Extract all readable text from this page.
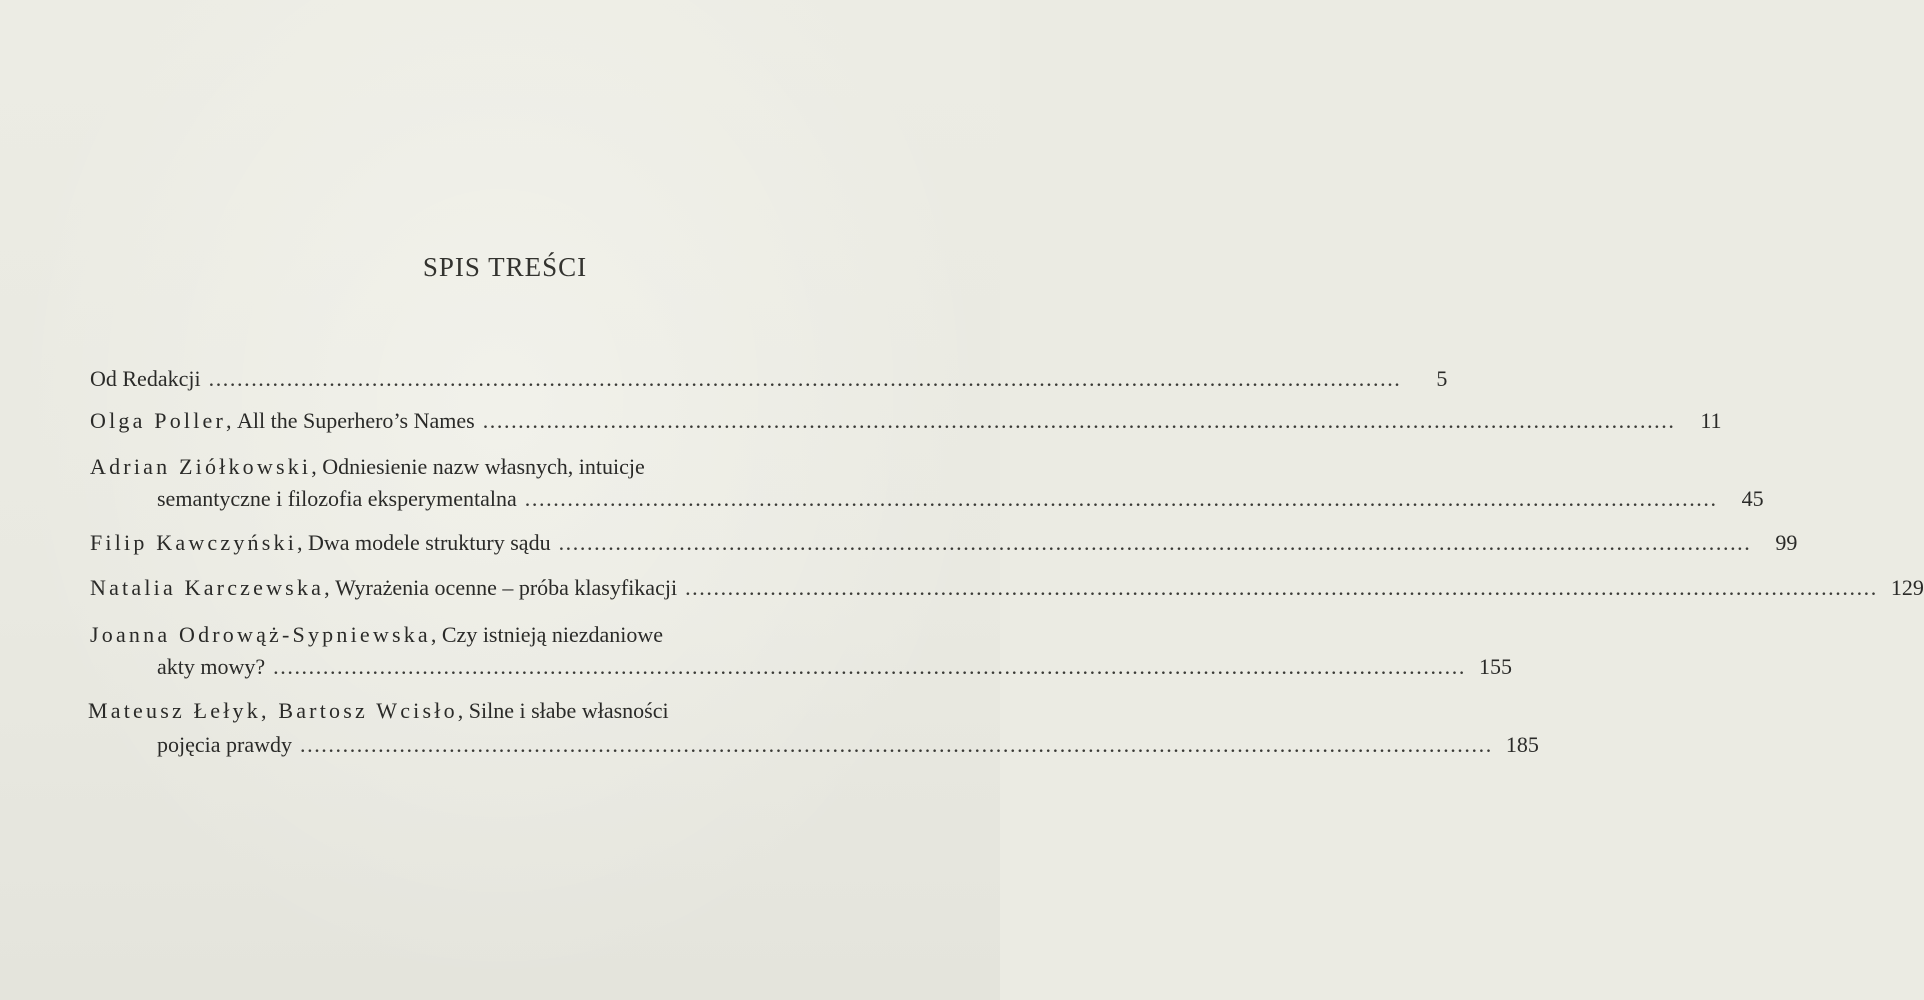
SPIS TREŚCI
Od Redakcji ........................................................................................................................................................................	5
Olga Poller ,
All the Superhero’s Names ........................................................................................................................................................................	11
Adrian Ziółkowski ,
Odniesienie nazw własnych, intuicje
semantyczne i filozofia eksperymentalna ........................................................................................................................................................................	45
Filip Kawczyński ,
Dwa modele struktury sądu ........................................................................................................................................................................	99
Natalia Karczewska ,
Wyrażenia ocenne – próba klasyfikacji ........................................................................................................................................................................ 129
Joanna Odrowąż-Sypniewska ,
Czy istnieją niezdaniowe
akty mowy? ........................................................................................................................................................................ 155
Mateusz Łełyk, Bartosz Wcisło ,
Silne i słabe własności
pojęcia prawdy ........................................................................................................................................................................ 185
